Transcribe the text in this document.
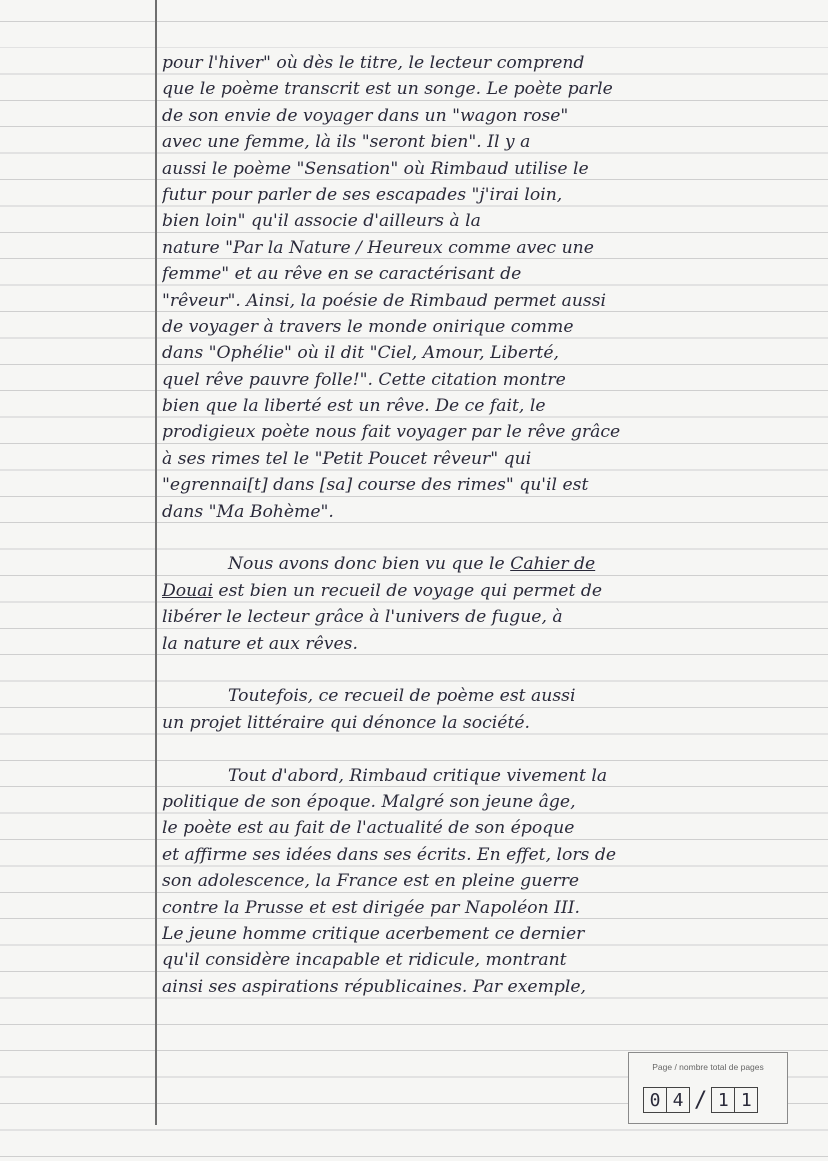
pour l'hiver" où dès le titre, le lecteur comprend
que le poème transcrit est un songe. Le poète parle
de son envie de voyager dans un "wagon rose"
avec une femme, là ils "seront bien". Il y a
aussi le poème "Sensation" où Rimbaud utilise le
futur pour parler de ses escapades "j'irai loin,
bien loin" qu'il associe d'ailleurs à la
nature "Par la Nature / Heureux comme avec une
femme" et au rêve en se caractérisant de
"rêveur". Ainsi, la poésie de Rimbaud permet aussi
de voyager à travers le monde onirique comme
dans "Ophélie" où il dit "Ciel, Amour, Liberté,
quel rêve pauvre folle!". Cette citation montre
bien que la liberté est un rêve. De ce fait, le
prodigieux poète nous fait voyager par le rêve grâce
à ses rimes tel le "Petit Poucet rêveur" qui
"egrennai[t] dans [sa] course des rimes" qu'il est
dans "Ma Bohème".
Nous avons donc bien vu que le Cahier de
Douai est bien un recueil de voyage qui permet de
libérer le lecteur grâce à l'univers de fugue, à
la nature et aux rêves.
Toutefois, ce recueil de poème est aussi
un projet littéraire qui dénonce la société.
Tout d'abord, Rimbaud critique vivement la
politique de son époque. Malgré son jeune âge,
le poète est au fait de l'actualité de son époque
et affirme ses idées dans ses écrits. En effet, lors de
son adolescence, la France est en pleine guerre
contre la Prusse et est dirigée par Napoléon III.
Le jeune homme critique acerbement ce dernier
qu'il considère incapable et ridicule, montrant
ainsi ses aspirations républicaines. Par exemple,
Page / nombre total de pages
0 4 / 1 1
